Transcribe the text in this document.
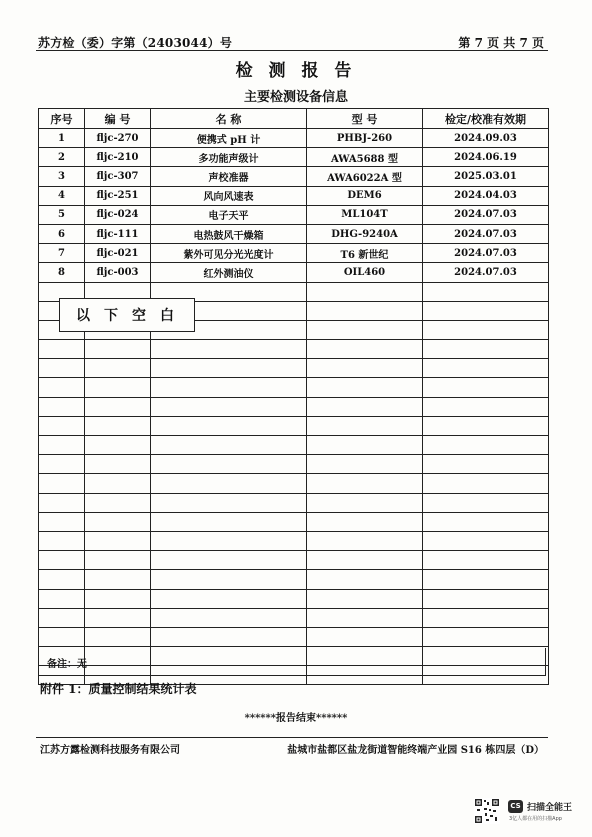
苏方检（委）字第（2403044）号	第 7 页 共 7 页
检 测 报 告
主要检测设备信息
序号	编 号	名 称	型 号	检定/校准有效期
1	fljc-270	便携式 pH 计	PHBJ-260	2024.09.03
2	fljc-210	多功能声级计	AWA5688 型	2024.06.19
3	fljc-307	声校准器	AWA6022A 型	2025.03.01
4	fljc-251	风向风速表	DEM6	2024.04.03
5	fljc-024	电子天平	ML104T	2024.07.03
6	fljc-111	电热鼓风干燥箱	DHG-9240A	2024.07.03
7	fljc-021	紫外可见分光光度计	T6 新世纪	2024.07.03
8	fljc-003	红外测油仪	OIL460	2024.07.03

以下空白
备注：无
附件 1：质量控制结果统计表
******报告结束******
江苏方露检测科技服务有限公司	盐城市盐都区盐龙街道智能终端产业园 S16 栋四层（D）
CS 扫描全能王
3亿人都在用的扫描App
